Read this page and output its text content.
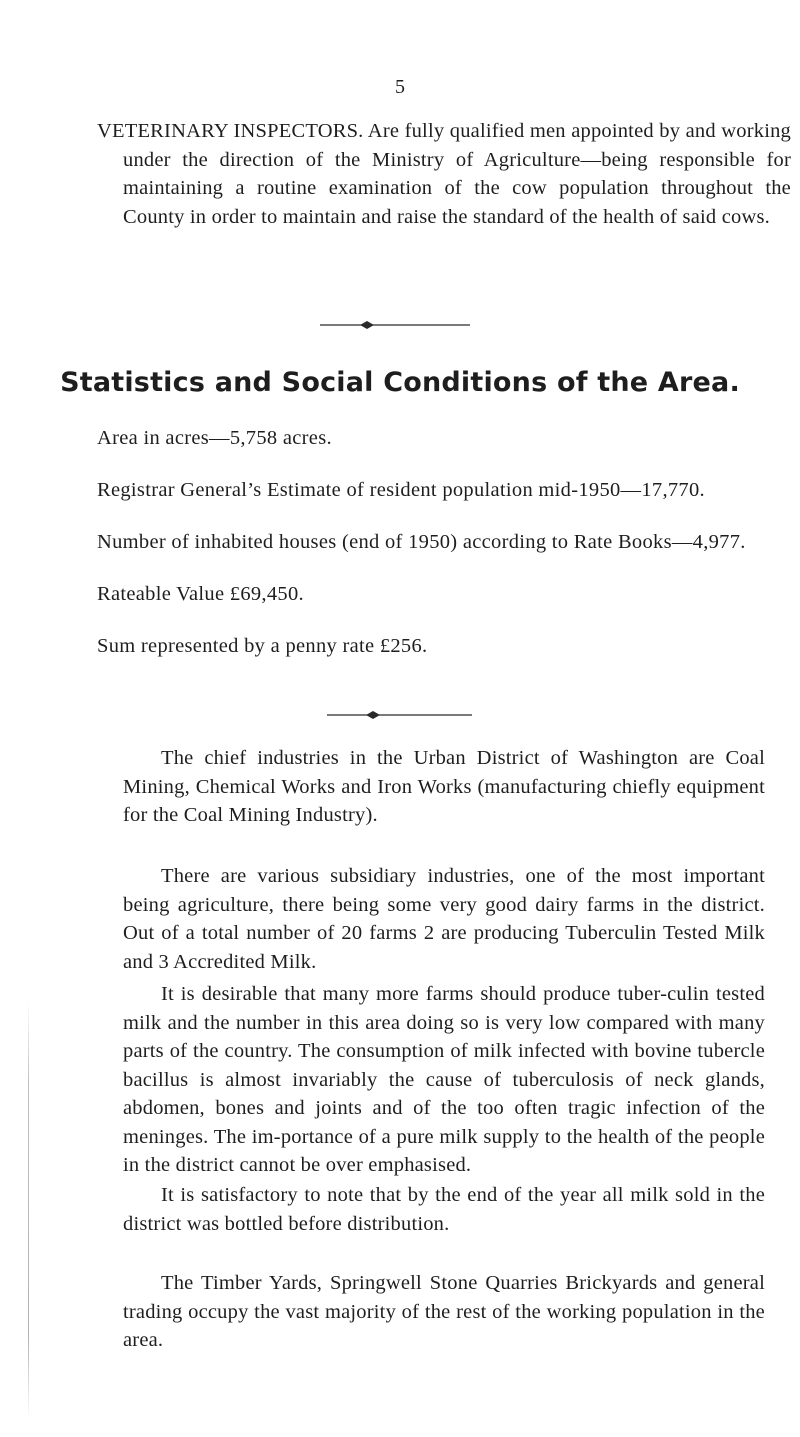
5

VETERINARY INSPECTORS. Are fully qualified men appointed by and working under the direction of the Ministry of Agriculture—being responsible for maintaining a routine examination of the cow population throughout the County in order to maintain and raise the standard of the health of said cows.

Statistics and Social Conditions of the Area.

Area in acres—5,758 acres.

Registrar General’s Estimate of resident population mid-1950—17,770.

Number of inhabited houses (end of 1950) according to Rate Books—4,977.

Rateable Value £69,450.

Sum represented by a penny rate £256.

The chief industries in the Urban District of Washington are Coal Mining, Chemical Works and Iron Works (manufacturing chiefly equipment for the Coal Mining Industry).

There are various subsidiary industries, one of the most important being agriculture, there being some very good dairy farms in the district. Out of a total number of 20 farms 2 are producing Tuberculin Tested Milk and 3 Accredited Milk.

It is desirable that many more farms should produce tuber-culin tested milk and the number in this area doing so is very low compared with many parts of the country. The consumption of milk infected with bovine tubercle bacillus is almost invariably the cause of tuberculosis of neck glands, abdomen, bones and joints and of the too often tragic infection of the meninges. The im-portance of a pure milk supply to the health of the people in the district cannot be over emphasised.

It is satisfactory to note that by the end of the year all milk sold in the district was bottled before distribution.

The Timber Yards, Springwell Stone Quarries Brickyards and general trading occupy the vast majority of the rest of the working population in the area.
